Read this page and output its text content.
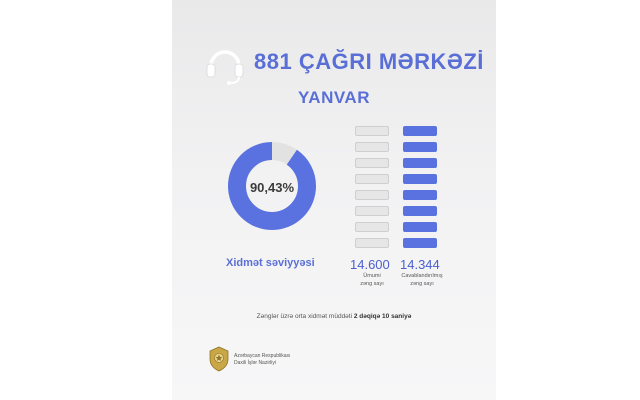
881 ÇAĞRI MƏRKƏZİ
YANVAR
90,43%
Xidmət səviyyəsi	14.600
Ümumi
zəng sayı
14.344
Cavablandırılmış
zəng sayı
Zənglər üzrə orta xidmət müddəti 2 dəqiqə 10 saniyə
Azərbaycan Respublikası
Daxili İşlər Nazirliyi
